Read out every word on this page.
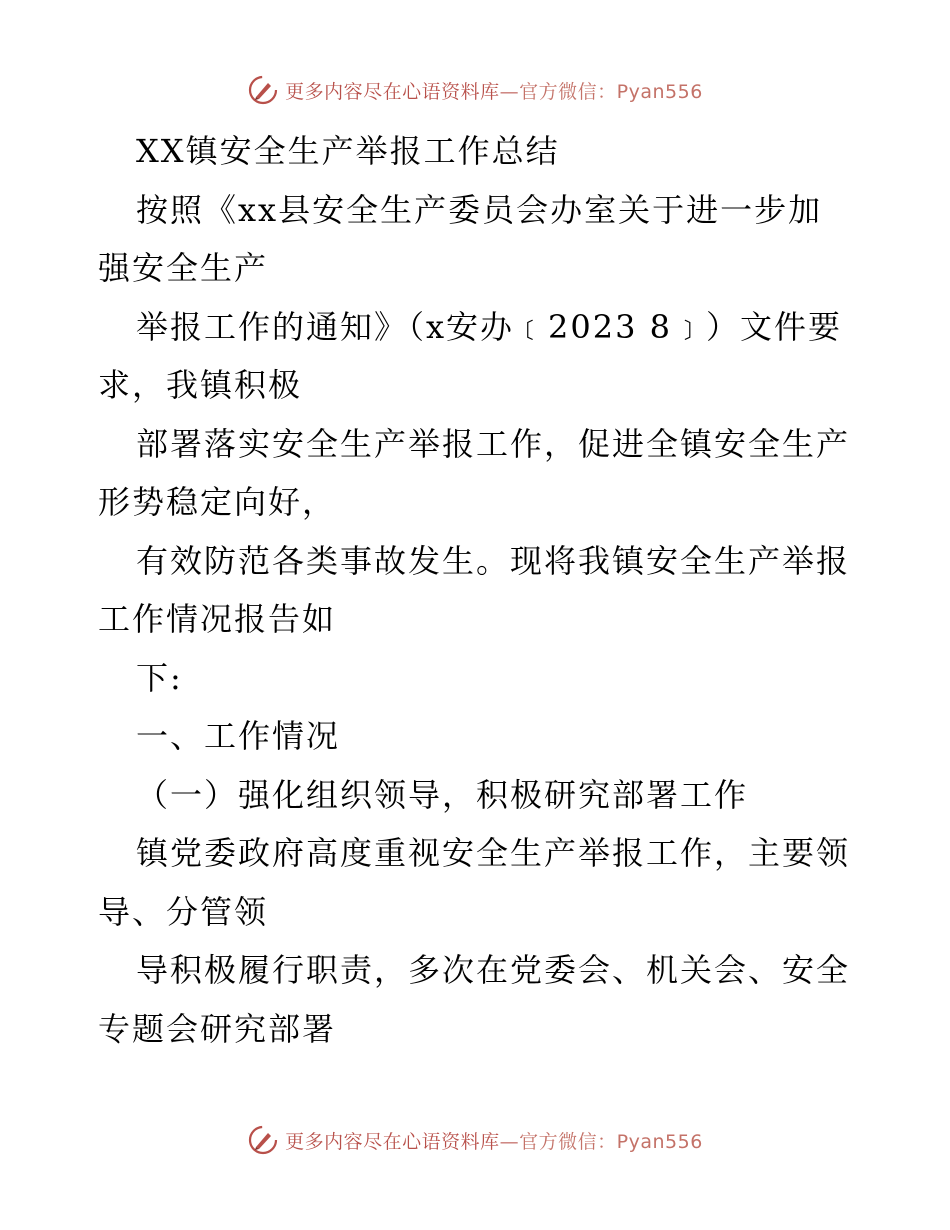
更多内容尽在心语资料库—官方微信：Pyan556
XX镇安全生产举报工作总结
按照《xx县安全生产委员会办室关于进一步加
强安全生产
举报工作的通知》（x安办﹝2023 8﹞）文件要
求，我镇积极
部署落实安全生产举报工作，促进全镇安全生产
形势稳定向好，
有效防范各类事故发生。现将我镇安全生产举报
工作情况报告如
下:
一、工作情况
（一）强化组织领导，积极研究部署工作
镇党委政府高度重视安全生产举报工作，主要领
导、分管领
导积极履行职责，多次在党委会、机关会、安全
专题会研究部署
更多内容尽在心语资料库—官方微信：Pyan556
